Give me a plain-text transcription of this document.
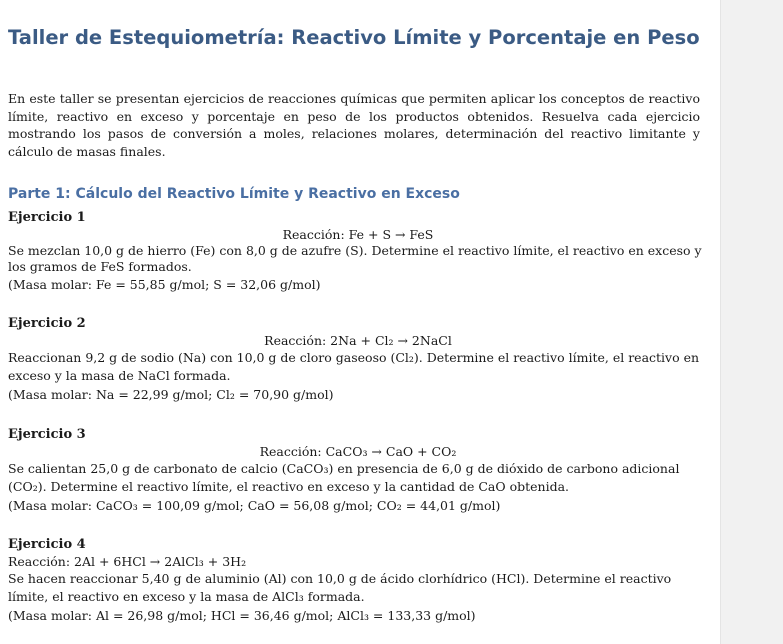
Taller de Estequiometría: Reactivo Límite y Porcentaje en Peso

En este taller se presentan ejercicios de reacciones químicas que permiten aplicar los conceptos de reactivo límite, reactivo en exceso y porcentaje en peso de los productos obtenidos. Resuelva cada ejercicio mostrando los pasos de conversión a moles, relaciones molares, determinación del reactivo limitante y cálculo de masas finales.

Parte 1: Cálculo del Reactivo Límite y Reactivo en Exceso

Ejercicio 1

Reacción: Fe + S → FeS

Se mezclan 10,0 g de hierro (Fe) con 8,0 g de azufre (S). Determine el reactivo límite, el reactivo en exceso y los gramos de FeS formados.

(Masa molar: Fe = 55,85 g/mol; S = 32,06 g/mol)

Ejercicio 2

Reacción: 2Na + Cl₂ → 2NaCl

Reaccionan 9,2 g de sodio (Na) con 10,0 g de cloro gaseoso (Cl₂). Determine el reactivo límite, el reactivo en exceso y la masa de NaCl formada.

(Masa molar: Na = 22,99 g/mol; Cl₂ = 70,90 g/mol)

Ejercicio 3

Reacción: CaCO₃ → CaO + CO₂

Se calientan 25,0 g de carbonato de calcio (CaCO₃) en presencia de 6,0 g de dióxido de carbono adicional (CO₂). Determine el reactivo límite, el reactivo en exceso y la cantidad de CaO obtenida.

(Masa molar: CaCO₃ = 100,09 g/mol; CaO = 56,08 g/mol; CO₂ = 44,01 g/mol)

Ejercicio 4

Reacción: 2Al + 6HCl → 2AlCl₃ + 3H₂

Se hacen reaccionar 5,40 g de aluminio (Al) con 10,0 g de ácido clorhídrico (HCl). Determine el reactivo límite, el reactivo en exceso y la masa de AlCl₃ formada.

(Masa molar: Al = 26,98 g/mol; HCl = 36,46 g/mol; AlCl₃ = 133,33 g/mol)
